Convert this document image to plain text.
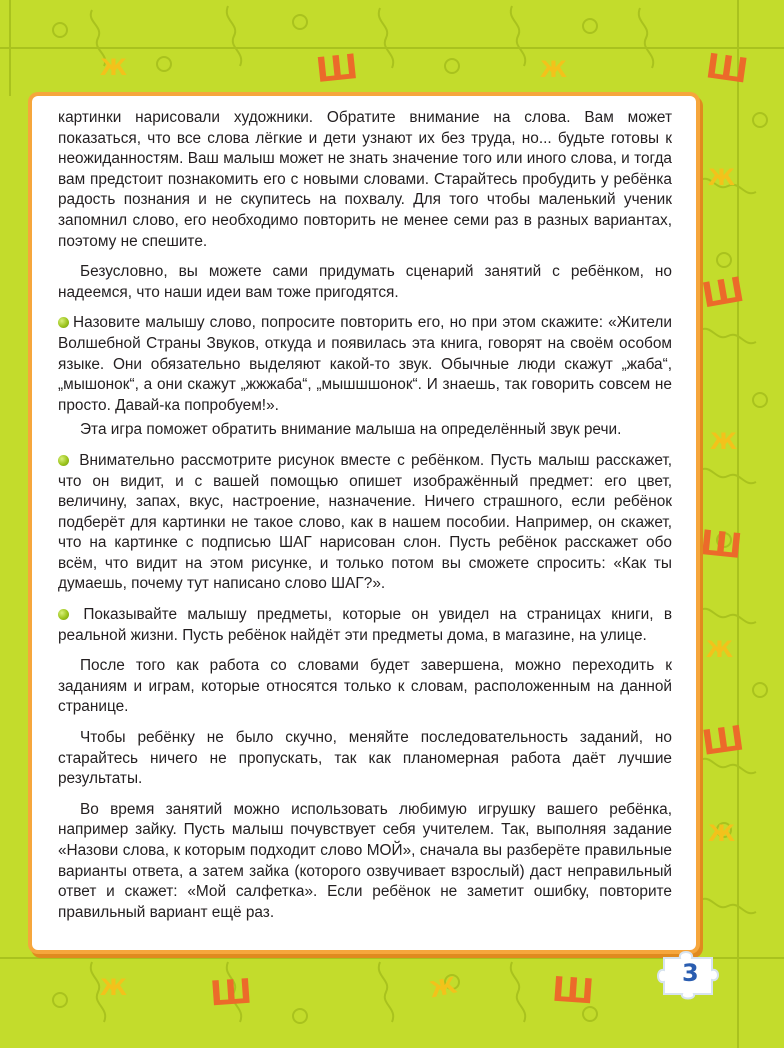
Ж	Ш	Ж	Ш
Ж
Ш
Ж
Ш
Ж
Ш
Ж
Ж Ш	Ж	Ш

картинки нарисовали художники. Обратите внимание на слова. Вам может показаться, что все слова лёгкие и дети узнают их без труда, но... будьте готовы к неожиданностям. Ваш малыш может не знать значение того или иного слова, и тогда вам предстоит познакомить его с новыми словами. Старайтесь пробудить у ребёнка радость познания и не скупитесь на похвалу. Для того чтобы маленький ученик запомнил слово, его необходимо повторить не менее семи раз в разных вариантах, поэтому не спешите.

Безусловно, вы можете сами придумать сценарий занятий с ребёнком, но надеемся, что наши идеи вам тоже пригодятся.

Назовите малышу слово, попросите повторить его, но при этом скажите: «Жители Волшебной Страны Звуков, откуда и появилась эта книга, говорят на своём особом языке. Они обязательно выделяют какой-то звук. Обычные люди скажут „жаба“, „мышонок“, а они скажут „жжжаба“, „мышшшонок“. И знаешь, так говорить совсем не просто. Давай-ка попробуем!».

Эта игра поможет обратить внимание малыша на определённый звук речи.

Внимательно рассмотрите рисунок вместе с ребёнком. Пусть малыш расскажет, что он видит, и с вашей помощью опишет изображённый предмет: его цвет, величину, запах, вкус, настроение, назначение. Ничего страшного, если ребёнок подберёт для картинки не такое слово, как в нашем пособии. Например, он скажет, что на картинке с подписью ШАГ нарисован слон. Пусть ребёнок расскажет обо всём, что видит на этом рисунке, и только потом вы сможете спросить: «Как ты думаешь, почему тут написано слово ШАГ?».

Показывайте малышу предметы, которые он увидел на страницах книги, в реальной жизни. Пусть ребёнок найдёт эти предметы дома, в магазине, на улице.

После того как работа со словами будет завершена, можно переходить к заданиям и играм, которые относятся только к словам, расположенным на данной странице.

Чтобы ребёнку не было скучно, меняйте последовательность заданий, но старайтесь ничего не пропускать, так как планомерная работа даёт лучшие результаты.

Во время занятий можно использовать любимую игрушку вашего ребёнка, например зайку. Пусть малыш почувствует себя учителем. Так, выполняя задание «Назови слова, к которым подходит слово МОЙ», сначала вы разберёте правильные варианты ответа, а затем зайка (которого озвучивает взрослый) даст неправильный ответ и скажет: «Мой салфетка». Если ребёнок не заметит ошибку, повторите правильный вариант ещё раз.

3
